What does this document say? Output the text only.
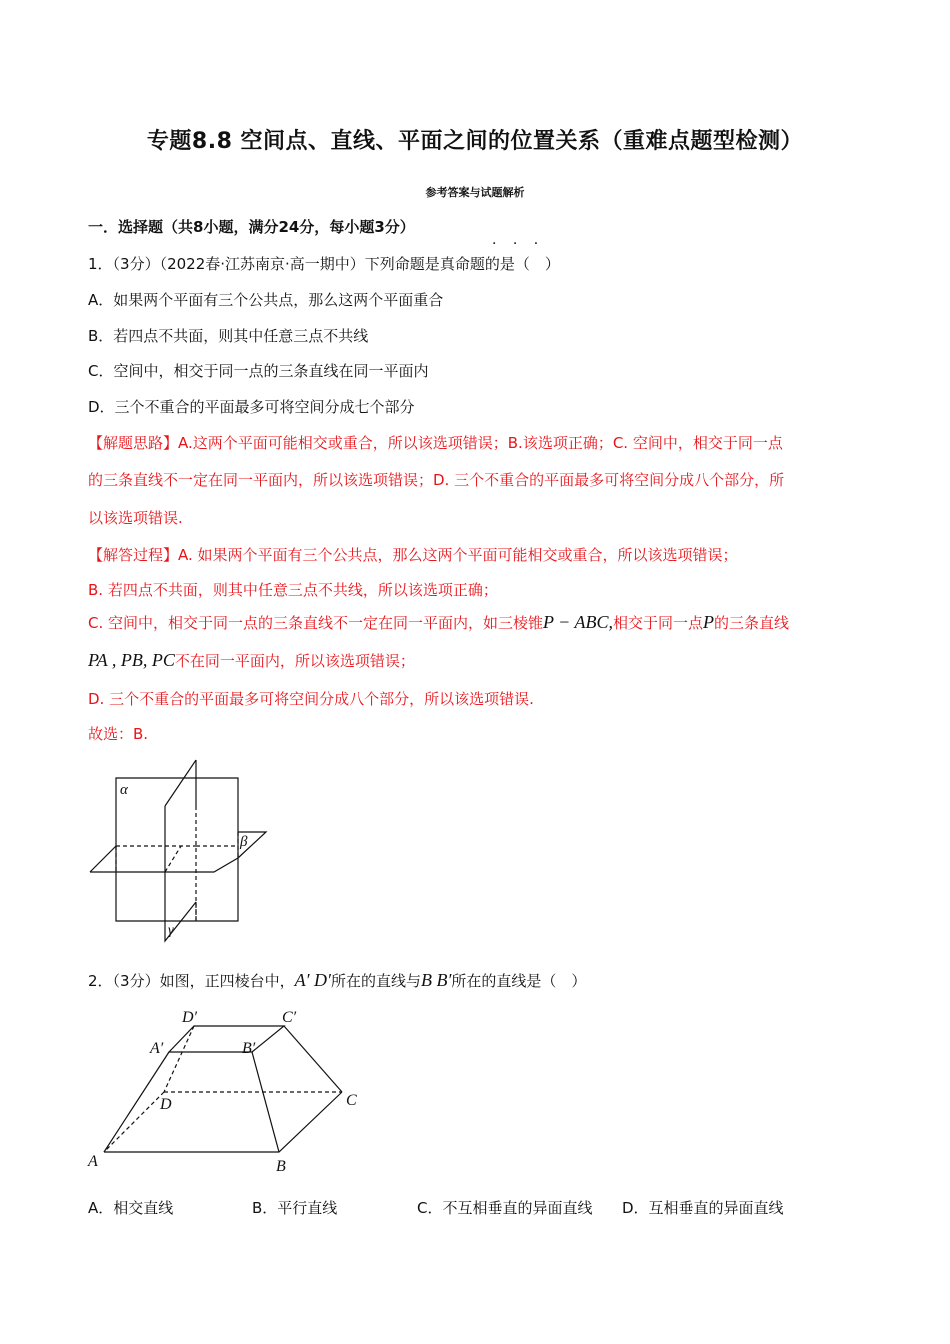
专题8.8 空间点、直线、平面之间的位置关系（重难点题型检测）
参考答案与试题解析
一．选择题（共8小题，满分24分，每小题3分）
1．（3分）（2022春·江苏南京·高一期中）下列命题是真命题的是（　）
· · ·
A．如果两个平面有三个公共点，那么这两个平面重合
B．若四点不共面，则其中任意三点不共线
C．空间中，相交于同一点的三条直线在同一平面内
D．三个不重合的平面最多可将空间分成七个部分
【解题思路】A.这两个平面可能相交或重合，所以该选项错误；B.该选项正确；C. 空间中，相交于同一点
的三条直线不一定在同一平面内，所以该选项错误；D. 三个不重合的平面最多可将空间分成八个部分，所
以该选项错误.
【解答过程】A. 如果两个平面有三个公共点，那么这两个平面可能相交或重合，所以该选项错误；
B. 若四点不共面，则其中任意三点不共线，所以该选项正确；
C. 空间中，相交于同一点的三条直线不一定在同一平面内，如三棱锥P − ABC,相交于同一点P的三条直线
PA , PB, PC不在同一平面内，所以该选项错误；
D. 三个不重合的平面最多可将空间分成八个部分，所以该选项错误.
故选：B.
α
β
γ
2．（3分）如图，正四棱台中，A′ D′所在的直线与B B′所在的直线是（　）
D′	C′
A′	B′
D	C
A	B
A．相交直线	B．平行直线	C．不互相垂直的异面直线 D．互相垂直的异面直线
